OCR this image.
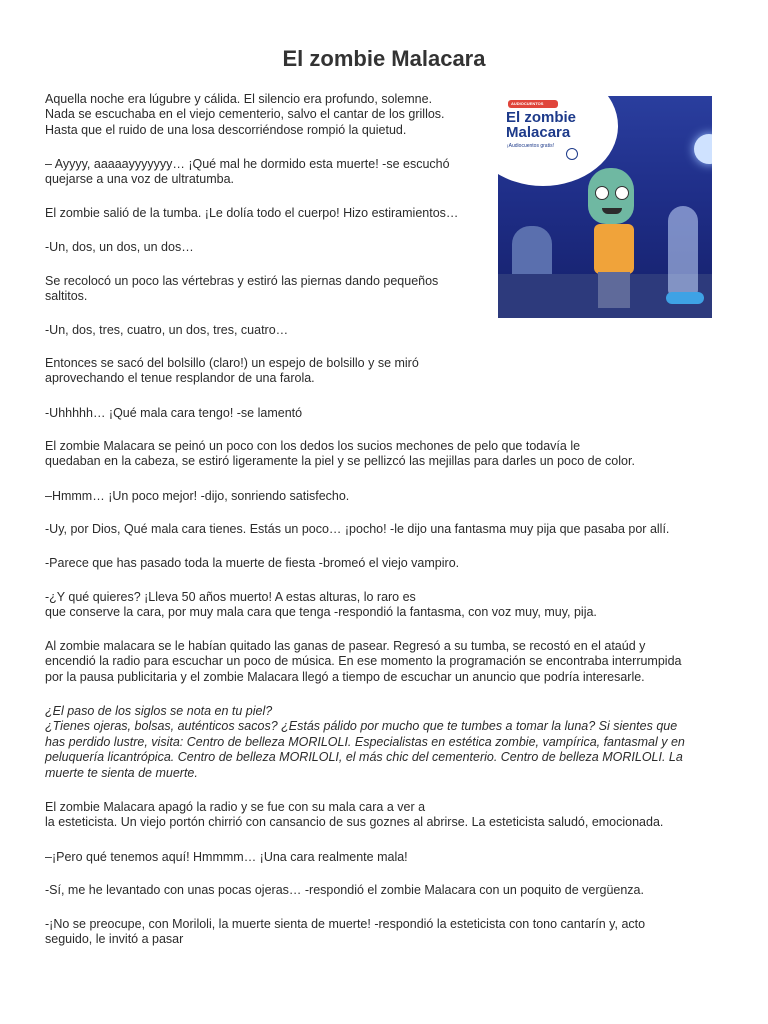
El zombie Malacara
AUDIOCUENTOS
El zombie
Malacara
¡Audiocuentos gratis!

Aquella noche era lúgubre y cálida. El silencio era profundo, solemne.
Nada se escuchaba en el viejo cementerio, salvo el cantar de los grillos.
Hasta que el ruido de una losa descorriéndose rompió la quietud.

– Ayyyy, aaaaayyyyyyy… ¡Qué mal he dormido esta muerte! -se escuchó
quejarse a una voz de ultratumba.

El zombie salió de la tumba. ¡Le dolía todo el cuerpo! Hizo estiramientos…

-Un, dos, un dos, un dos…

Se recolocó un poco las vértebras y estiró las piernas dando pequeños
saltitos.

-Un, dos, tres, cuatro, un dos, tres, cuatro…

Entonces se sacó del bolsillo (claro!) un espejo de bolsillo y se miró
aprovechando el tenue resplandor de una farola.

-Uhhhhh… ¡Qué mala cara tengo! -se lamentó

El zombie Malacara se peinó un poco con los dedos los sucios mechones de pelo que todavía le
quedaban en la cabeza, se estiró ligeramente la piel y se pellizcó las mejillas para darles un poco de color.

–Hmmm… ¡Un poco mejor! -dijo, sonriendo satisfecho.

-Uy, por Dios, Qué mala cara tienes. Estás un poco… ¡pocho! -le dijo una fantasma muy pija que pasaba por allí.

-Parece que has pasado toda la muerte de fiesta -bromeó el viejo vampiro.

-¿Y qué quieres? ¡Lleva 50 años muerto! A estas alturas, lo raro es
que conserve la cara, por muy mala cara que tenga -respondió la fantasma, con voz muy, muy, pija.

Al zombie malacara se le habían quitado las ganas de pasear. Regresó a su tumba, se recostó en el ataúd y
encendió la radio para escuchar un poco de música. En ese momento la programación se encontraba interrumpida
por la pausa publicitaria y el zombie Malacara llegó a tiempo de escuchar un anuncio que podría interesarle.

¿El paso de los siglos se nota en tu piel?
¿Tienes ojeras, bolsas, auténticos sacos? ¿Estás pálido por mucho que te tumbes a tomar la luna? Si sientes que
has perdido lustre, visita: Centro de belleza MORILOLI. Especialistas en estética zombie, vampírica, fantasmal y en
peluquería licantrópica. Centro de belleza MORILOLI, el más chic del cementerio. Centro de belleza MORILOLI. La
muerte te sienta de muerte.

El zombie Malacara apagó la radio y se fue con su mala cara a ver a
la esteticista. Un viejo portón chirrió con cansancio de sus goznes al abrirse. La esteticista saludó, emocionada.

–¡Pero qué tenemos aquí! Hmmmm… ¡Una cara realmente mala!

-Sí, me he levantado con unas pocas ojeras… -respondió el zombie Malacara con un poquito de vergüenza.

-¡No se preocupe, con Moriloli, la muerte sienta de muerte! -respondió la esteticista con tono cantarín y, acto
seguido, le invitó a pasar
